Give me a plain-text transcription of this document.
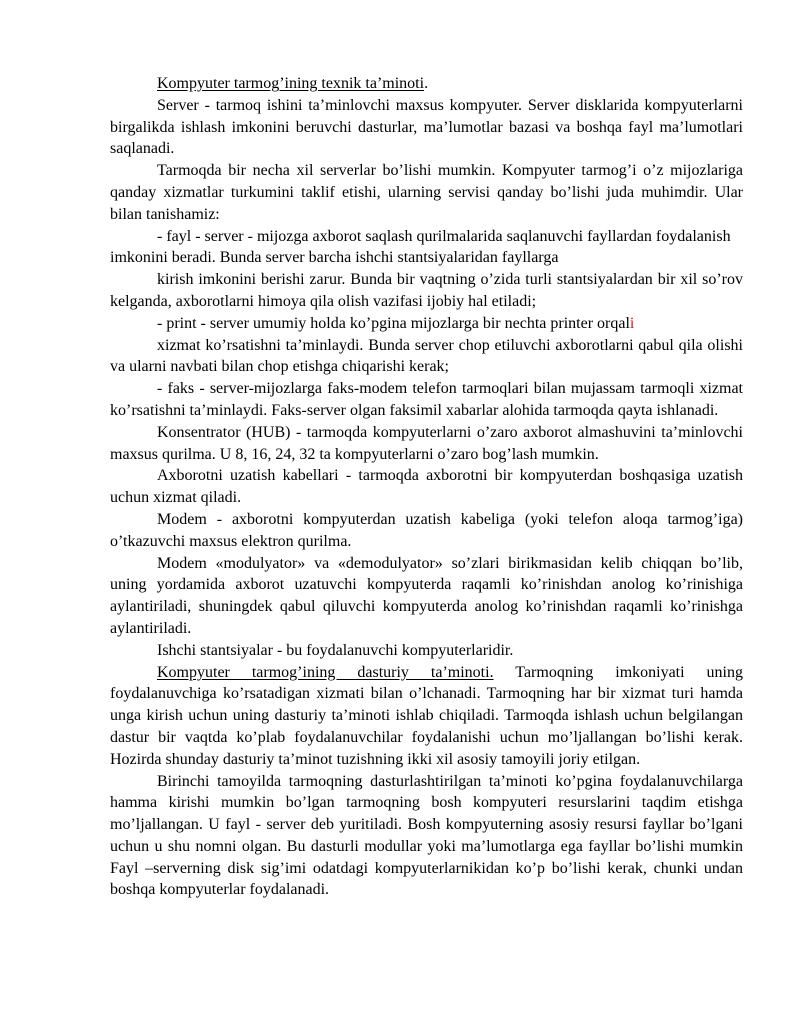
Kompyuter tarmog’ining texnik ta’minoti.

Server - tarmoq ishini ta’minlovchi maxsus kompyuter. Server disklarida kompyuterlarni birgalikda ishlash imkonini beruvchi dasturlar, ma’lumotlar bazasi va boshqa fayl ma’lumotlari saqlanadi.

Tarmoqda bir necha xil serverlar bo’lishi mumkin. Kompyuter tarmog’i o’z mijozlariga qanday xizmatlar turkumini taklif etishi, ularning servisi qanday bo’lishi juda muhimdir. Ular bilan tanishamiz:

- fayl - server - mijozga axborot saqlash qurilmalarida saqlanuvchi fayllardan foydalanish imkonini beradi. Bunda server barcha ishchi stantsiyalaridan fayllarga

kirish imkonini berishi zarur. Bunda bir vaqtning o’zida turli stantsiyalardan bir xil so’rov kelganda, axborotlarni himoya qila olish vazifasi ijobiy hal etiladi;

- print - server umumiy holda ko’pgina mijozlarga bir nechta printer orqali

xizmat ko’rsatishni ta’minlaydi. Bunda server chop etiluvchi axborotlarni qabul qila olishi va ularni navbati bilan chop etishga chiqarishi kerak;

- faks - server-mijozlarga faks-modem telefon tarmoqlari bilan mujassam tarmoqli xizmat ko’rsatishni ta’minlaydi. Faks-server olgan faksimil xabarlar alohida tarmoqda qayta ishlanadi.

Konsentrator (HUB) - tarmoqda kompyuterlarni o’zaro axborot almashuvini ta’minlovchi maxsus qurilma. U 8, 16, 24, 32 ta kompyuterlarni o’zaro bog’lash mumkin.

Axborotni uzatish kabellari - tarmoqda axborotni bir kompyuterdan boshqasiga uzatish uchun xizmat qiladi.

Modem - axborotni kompyuterdan uzatish kabeliga (yoki telefon aloqa tarmog’iga) o’tkazuvchi maxsus elektron qurilma.

Modem «modulyator» va «demodulyator» so’zlari birikmasidan kelib chiqqan bo’lib, uning yordamida axborot uzatuvchi kompyuterda raqamli ko’rinishdan anolog ko’rinishiga aylantiriladi, shuningdek qabul qiluvchi kompyuterda anolog ko’rinishdan raqamli ko’rinishga aylantiriladi.

Ishchi stantsiyalar - bu foydalanuvchi kompyuterlaridir.

Kompyuter tarmog’ining dasturiy ta’minoti. Tarmoqning imkoniyati uning foydalanuvchiga ko’rsatadigan xizmati bilan o’lchanadi. Tarmoqning har bir xizmat turi hamda unga kirish uchun uning dasturiy ta’minoti ishlab chiqiladi. Tarmoqda ishlash uchun belgilangan dastur bir vaqtda ko’plab foydalanuvchilar foydalanishi uchun mo’ljallangan bo’lishi kerak. Hozirda shunday dasturiy ta’minot tuzishning ikki xil asosiy tamoyili joriy etilgan.

Birinchi tamoyilda tarmoqning dasturlashtirilgan ta’minoti ko’pgina foydalanuvchilarga hamma kirishi mumkin bo’lgan tarmoqning bosh kompyuteri resurslarini taqdim etishga mo’ljallangan. U fayl - server deb yuritiladi. Bosh kompyuterning asosiy resursi fayllar bo’lgani uchun u shu nomni olgan. Bu dasturli modullar yoki ma’lumotlarga ega fayllar bo’lishi mumkin Fayl –serverning disk sig’imi odatdagi kompyuterlarnikidan ko’p bo’lishi kerak, chunki undan boshqa kompyuterlar foydalanadi.
